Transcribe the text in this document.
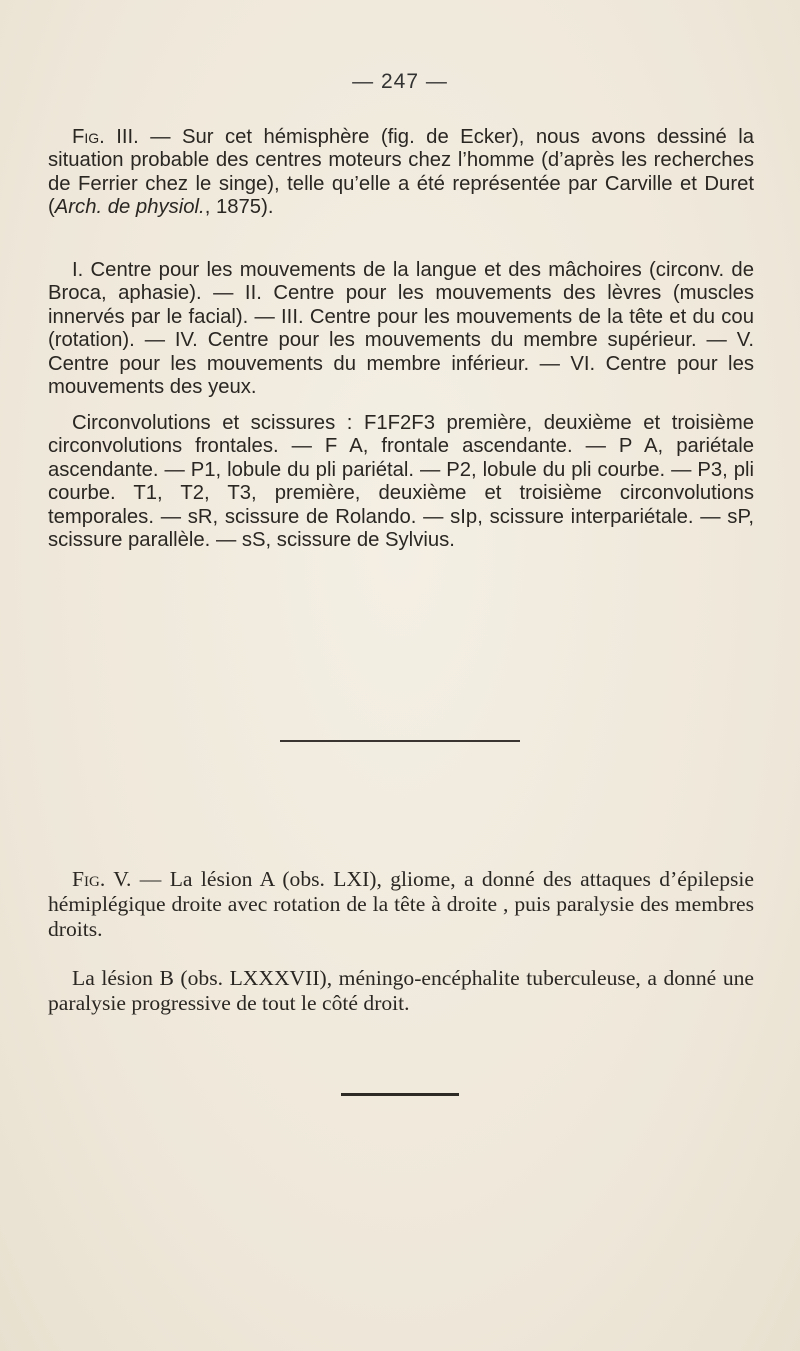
— 247 —

Fig. III. — Sur cet hémisphère (fig. de Ecker), nous avons dessiné la situation probable des centres moteurs chez l’homme (d’après les recherches de Ferrier chez le singe), telle qu’elle a été représentée par Carville et Duret (Arch. de physiol., 1875).

I. Centre pour les mouvements de la langue et des mâchoires (circonv. de Broca, aphasie). — II. Centre pour les mouvements des lèvres (muscles innervés par le facial). — III. Centre pour les mouvements de la tête et du cou (rotation). — IV. Centre pour les mouvements du membre supérieur. — V. Centre pour les mouvements du membre inférieur. — VI. Centre pour les mouvements des yeux.

Circonvolutions et scissures : F1F2F3 première, deuxième et troisième circonvolutions frontales. — F A, frontale ascendante. — P A, pariétale ascendante. — P1, lobule du pli pariétal. — P2, lobule du pli courbe. — P3, pli courbe. T1, T2, T3, première, deuxième et troisième circonvolutions temporales. — sR, scissure de Rolando. — sIp, scissure interpariétale. — sP, scissure parallèle. — sS, scissure de Sylvius.

Fig. V. — La lésion A (obs. LXI), gliome, a donné des attaques d’épilepsie hémiplégique droite avec rotation de la tête à droite , puis paralysie des membres droits.

La lésion B (obs. LXXXVII), méningo-encéphalite tuberculeuse, a donné une paralysie progressive de tout le côté droit.
